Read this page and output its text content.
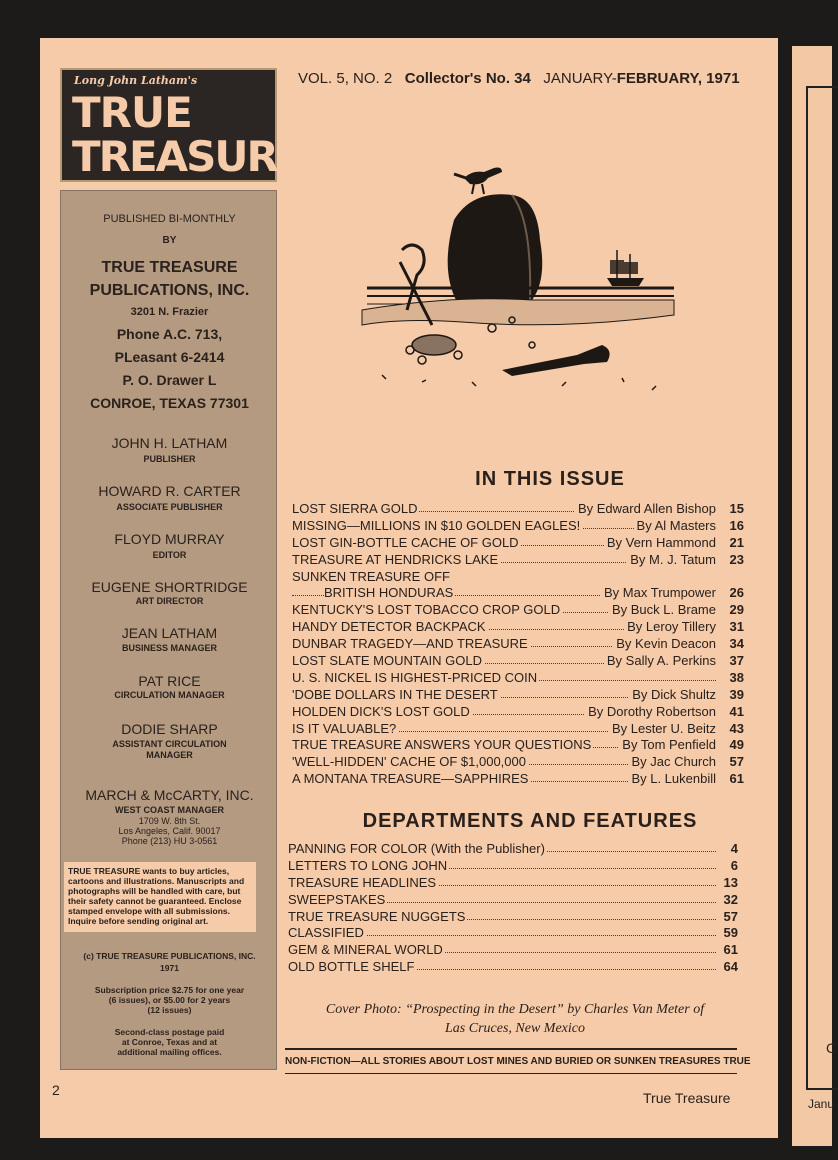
C
Janu
Long John Latham's
TRUE
TREASURE
PUBLISHED BI-MONTHLY
BY
TRUE TREASURE
PUBLICATIONS, INC.
3201 N. Frazier
Phone A.C. 713,
PLeasant 6-2414
P. O. Drawer L
CONROE, TEXAS 77301
JOHN H. LATHAM
PUBLISHER
HOWARD R. CARTER
ASSOCIATE PUBLISHER
FLOYD MURRAY
EDITOR
EUGENE SHORTRIDGE
ART DIRECTOR
JEAN LATHAM
BUSINESS MANAGER
PAT RICE
CIRCULATION MANAGER
DODIE SHARP
ASSISTANT CIRCULATION
MANAGER
MARCH & McCARTY, INC.
WEST COAST MANAGER
1709 W. 8th St.
Los Angeles, Calif. 90017
Phone (213) HU 3-0561
(c) TRUE TREASURE PUBLICATIONS, INC.
1971
Subscription price $2.75 for one year
(6 issues), or $5.00 for 2 years
(12 issues)
Second-class postage paid
at Conroe, Texas and at
additional mailing offices.
TRUE TREASURE wants to buy articles, cartoons and illustrations. Manuscripts and photographs will be handled with care, but their safety cannot be guaranteed. Enclose stamped envelope with all submissions. Inquire before sending original art.
VOL. 5, NO. 2 Collector's No. 34 JANUARY-FEBRUARY, 1971
IN THIS ISSUE
LOST SIERRA GOLD	By Edward Allen Bishop	15
MISSING—MILLIONS IN $10 GOLDEN EAGLES!	By Al Masters	16
LOST GIN-BOTTLE CACHE OF GOLD	By Vern Hammond	21
TREASURE AT HENDRICKS LAKE	By M. J. Tatum	23
SUNKEN TREASURE OFF
BRITISH HONDURAS	By Max Trumpower	26
KENTUCKY'S LOST TOBACCO CROP GOLD	By Buck L. Brame	29
HANDY DETECTOR BACKPACK	By Leroy Tillery	31
DUNBAR TRAGEDY—AND TREASURE	By Kevin Deacon	34
LOST SLATE MOUNTAIN GOLD	By Sally A. Perkins	37
U. S. NICKEL IS HIGHEST-PRICED COIN	38
'DOBE DOLLARS IN THE DESERT	By Dick Shultz	39
HOLDEN DICK'S LOST GOLD	By Dorothy Robertson	41
IS IT VALUABLE?	By Lester U. Beitz	43
TRUE TREASURE ANSWERS YOUR QUESTIONS By Tom Penfield	49
'WELL-HIDDEN' CACHE OF $1,000,000	By Jac Church	57
A MONTANA TREASURE—SAPPHIRES	By L. Lukenbill	61
DEPARTMENTS AND FEATURES
PANNING FOR COLOR (With the Publisher)	4
LETTERS TO LONG JOHN	6
TREASURE HEADLINES	13
SWEEPSTAKES	32
TRUE TREASURE NUGGETS	57
CLASSIFIED	59
GEM & MINERAL WORLD	61
OLD BOTTLE SHELF	64
Cover Photo: “Prospecting in the Desert” by Charles Van Meter of
Las Cruces, New Mexico
NON-FICTION—ALL STORIES ABOUT LOST MINES AND BURIED OR SUNKEN TREASURES TRUE
2	True Treasure
